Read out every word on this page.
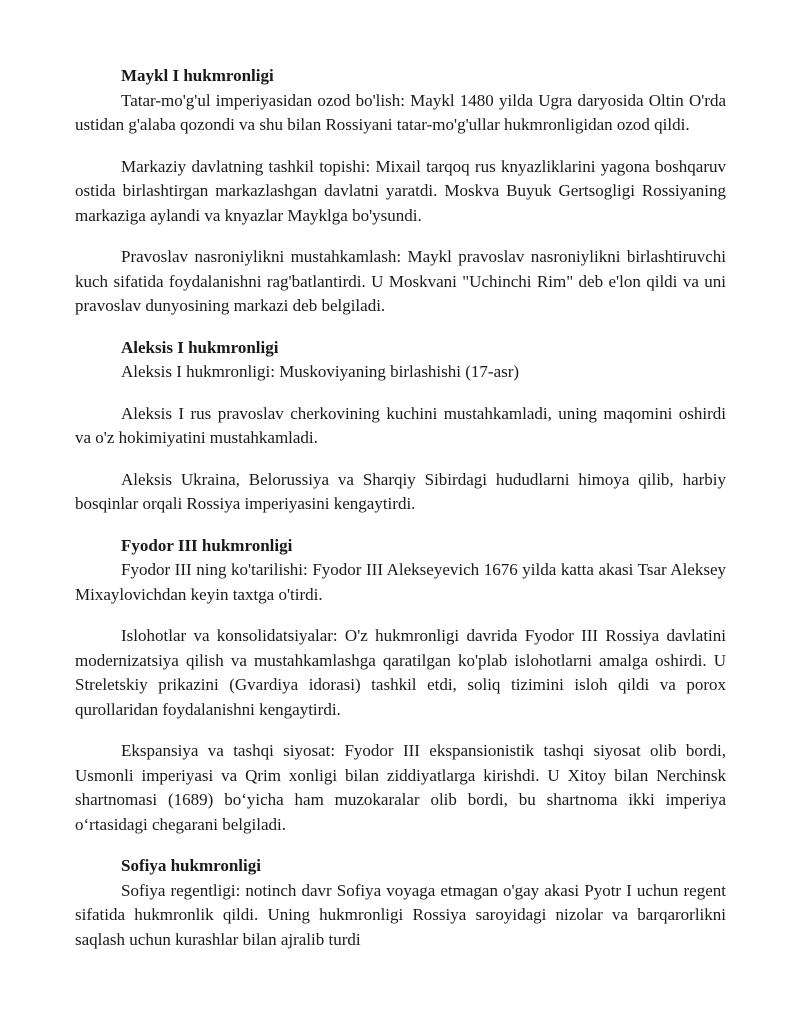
Maykl I hukmronligi

Tatar-mo'g'ul imperiyasidan ozod bo'lish: Maykl 1480 yilda Ugra daryosida Oltin O'rda ustidan g'alaba qozondi va shu bilan Rossiyani tatar-mo'g'ullar hukmronligidan ozod qildi.

Markaziy davlatning tashkil topishi: Mixail tarqoq rus knyazliklarini yagona boshqaruv ostida birlashtirgan markazlashgan davlatni yaratdi. Moskva Buyuk Gertsogligi Rossiyaning markaziga aylandi va knyazlar Mayklga bo'ysundi.

Pravoslav nasroniylikni mustahkamlash: Maykl pravoslav nasroniylikni birlashtiruvchi kuch sifatida foydalanishni rag'batlantirdi. U Moskvani "Uchinchi Rim" deb e'lon qildi va uni pravoslav dunyosining markazi deb belgiladi.

Aleksis I hukmronligi

Aleksis I hukmronligi: Muskoviyaning birlashishi (17-asr)

Aleksis I rus pravoslav cherkovining kuchini mustahkamladi, uning maqomini oshirdi va o'z hokimiyatini mustahkamladi.

Aleksis Ukraina, Belorussiya va Sharqiy Sibirdagi hududlarni himoya qilib, harbiy bosqinlar orqali Rossiya imperiyasini kengaytirdi.

Fyodor III hukmronligi

Fyodor III ning ko'tarilishi: Fyodor III Alekseyevich 1676 yilda katta akasi Tsar Aleksey Mixaylovichdan keyin taxtga o'tirdi.

Islohotlar va konsolidatsiyalar: O'z hukmronligi davrida Fyodor III Rossiya davlatini modernizatsiya qilish va mustahkamlashga qaratilgan ko'plab islohotlarni amalga oshirdi. U Streletskiy prikazini (Gvardiya idorasi) tashkil etdi, soliq tizimini isloh qildi va porox qurollaridan foydalanishni kengaytirdi.

Ekspansiya va tashqi siyosat: Fyodor III ekspansionistik tashqi siyosat olib bordi, Usmonli imperiyasi va Qrim xonligi bilan ziddiyatlarga kirishdi. U Xitoy bilan Nerchinsk shartnomasi (1689) bo‘yicha ham muzokaralar olib bordi, bu shartnoma ikki imperiya o‘rtasidagi chegarani belgiladi.

Sofiya hukmronligi

Sofiya regentligi: notinch davr Sofiya voyaga etmagan o'gay akasi Pyotr I uchun regent sifatida hukmronlik qildi. Uning hukmronligi Rossiya saroyidagi nizolar va barqarorlikni saqlash uchun kurashlar bilan ajralib turdi
